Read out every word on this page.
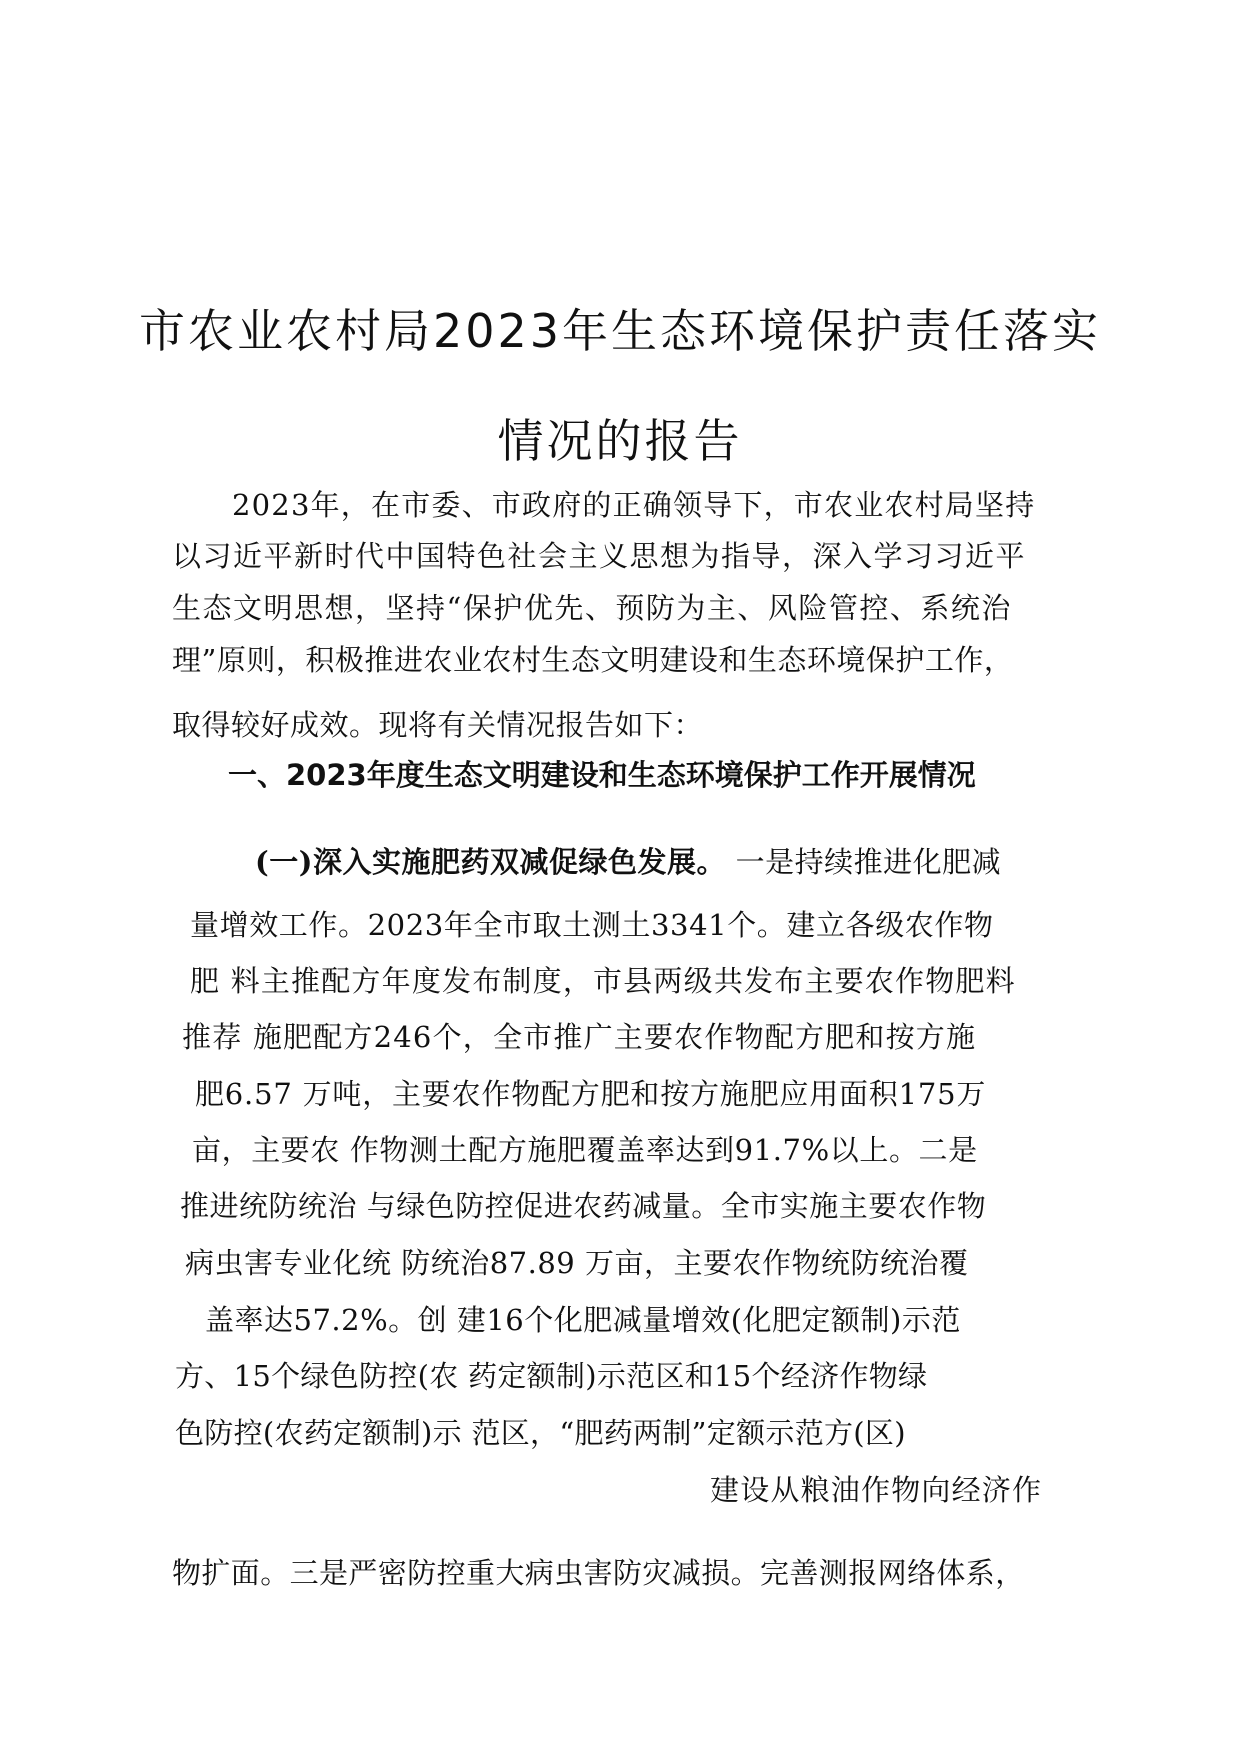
市农业农村局2023年生态环境保护责任落实
情况的报告
2023年，在市委、市政府的正确领导下，市农业农村局坚持
以习近平新时代中国特色社会主义思想为指导，深入学习习近平
生态文明思想，坚持“保护优先、预防为主、风险管控、系统治
理”原则，积极推进农业农村生态文明建设和生态环境保护工作，
取得较好成效。现将有关情况报告如下：
一、2023年度生态文明建设和生态环境保护工作开展情况
(一)深入实施肥药双减促绿色发展。 一是持续推进化肥减
量增效工作。2023年全市取土测土3341个。建立各级农作物
肥 料主推配方年度发布制度，市县两级共发布主要农作物肥料
推荐 施肥配方246个，全市推广主要农作物配方肥和按方施
肥6.57 万吨，主要农作物配方肥和按方施肥应用面积175万
亩，主要农 作物测土配方施肥覆盖率达到91.7%以上。二是
推进统防统治 与绿色防控促进农药减量。全市实施主要农作物
病虫害专业化统 防统治87.89 万亩，主要农作物统防统治覆
盖率达57.2%。创 建16个化肥减量增效(化肥定额制)示范
方、15个绿色防控(农 药定额制)示范区和15个经济作物绿
色防控(农药定额制)示 范区，“肥药两制”定额示范方(区)
建设从粮油作物向经济作
物扩面。三是严密防控重大病虫害防灾减损。完善测报网络体系，
